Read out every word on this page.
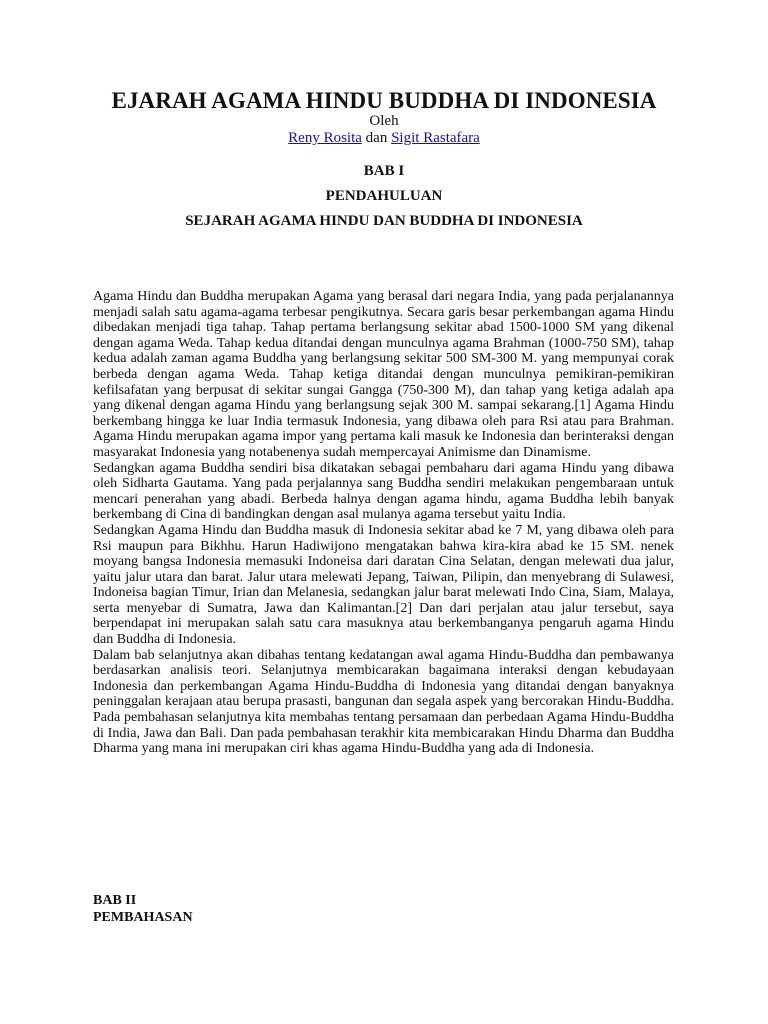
EJARAH AGAMA HINDU BUDDHA DI INDONESIA
Oleh
Reny Rosita dan Sigit Rastafara
BAB I
PENDAHULUAN
SEJARAH AGAMA HINDU DAN BUDDHA DI INDONESIA

Agama Hindu dan Buddha merupakan Agama yang berasal dari negara India, yang pada perjalanannya menjadi salah satu agama-agama terbesar pengikutnya. Secara garis besar perkembangan agama Hindu dibedakan menjadi tiga tahap. Tahap pertama berlangsung sekitar abad 1500-1000 SM yang dikenal dengan agama Weda. Tahap kedua ditandai dengan munculnya agama Brahman (1000-750 SM), tahap kedua adalah zaman agama Buddha yang berlangsung sekitar 500 SM-300 M. yang mempunyai corak berbeda dengan agama Weda. Tahap ketiga ditandai dengan munculnya pemikiran-pemikiran kefilsafatan yang berpusat di sekitar sungai Gangga (750-300 M), dan tahap yang ketiga adalah apa yang dikenal dengan agama Hindu yang berlangsung sejak 300 M. sampai sekarang.[1] Agama Hindu berkembang hingga ke luar India termasuk Indonesia, yang dibawa oleh para Rsi atau para Brahman. Agama Hindu merupakan agama impor yang pertama kali masuk ke Indonesia dan berinteraksi dengan masyarakat Indonesia yang notabenenya sudah mempercayai Animisme dan Dinamisme.

Sedangkan agama Buddha sendiri bisa dikatakan sebagai pembaharu dari agama Hindu yang dibawa oleh Sidharta Gautama. Yang pada perjalannya sang Buddha sendiri melakukan pengembaraan untuk mencari penerahan yang abadi. Berbeda halnya dengan agama hindu, agama Buddha lebih banyak berkembang di Cina di bandingkan dengan asal mulanya agama tersebut yaitu India.

Sedangkan Agama Hindu dan Buddha masuk di Indonesia sekitar abad ke 7 M, yang dibawa oleh para Rsi maupun para Bikhhu. Harun Hadiwijono mengatakan bahwa kira-kira abad ke 15 SM. nenek moyang bangsa Indonesia memasuki Indoneisa dari daratan Cina Selatan, dengan melewati dua jalur, yaitu jalur utara dan barat. Jalur utara melewati Jepang, Taiwan, Pilipin, dan menyebrang di Sulawesi, Indoneisa bagian Timur, Irian dan Melanesia, sedangkan jalur barat melewati Indo Cina, Siam, Malaya, serta menyebar di Sumatra, Jawa dan Kalimantan.[2] Dan dari perjalan atau jalur tersebut, saya berpendapat ini merupakan salah satu cara masuknya atau berkembanganya pengaruh agama Hindu dan Buddha di Indonesia.

Dalam bab selanjutnya akan dibahas tentang kedatangan awal agama Hindu-Buddha dan pembawanya berdasarkan analisis teori. Selanjutnya membicarakan bagaimana interaksi dengan kebudayaan Indonesia dan perkembangan Agama Hindu-Buddha di Indonesia yang ditandai dengan banyaknya peninggalan kerajaan atau berupa prasasti, bangunan dan segala aspek yang bercorakan Hindu-Buddha. Pada pembahasan selanjutnya kita membahas tentang persamaan dan perbedaan Agama Hindu-Buddha di India, Jawa dan Bali. Dan pada pembahasan terakhir kita membicarakan Hindu Dharma dan Buddha Dharma yang mana ini merupakan ciri khas agama Hindu-Buddha yang ada di Indonesia.

BAB II
PEMBAHASAN
